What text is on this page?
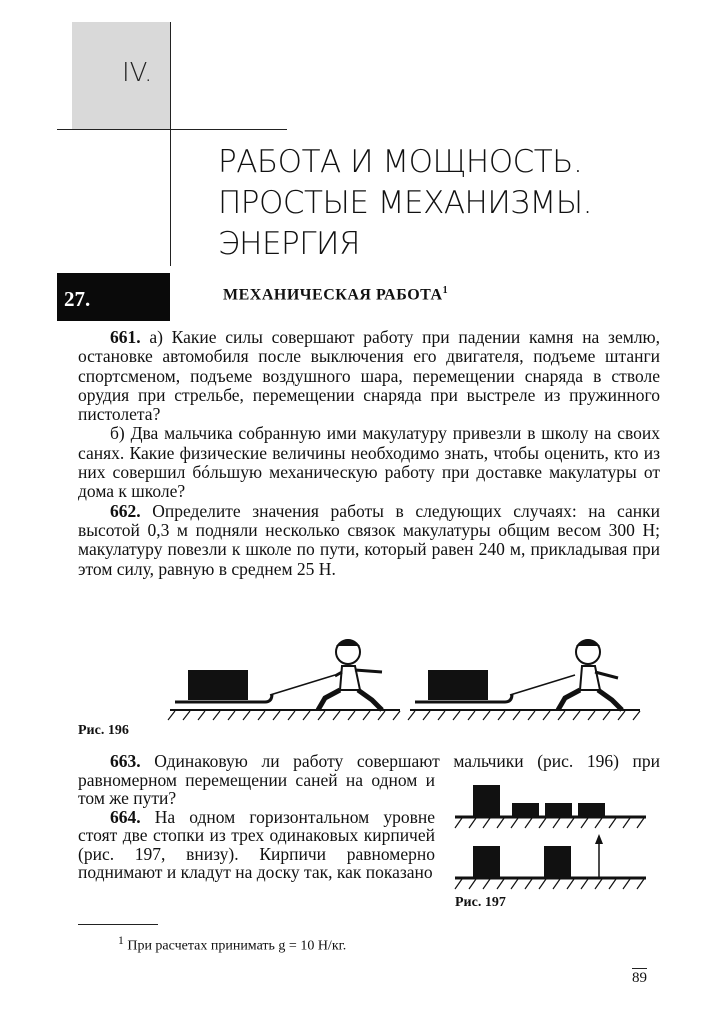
IV.
РАБОТА И МОЩНОСТЬ.
ПРОСТЫЕ МЕХАНИЗМЫ.
ЭНЕРГИЯ
27.	МЕХАНИЧЕСКАЯ РАБОТА$^1$

661. а) Какие силы совершают работу при падении камня на землю, остановке автомобиля после выключения его двигателя, подъеме штанги спортсменом, подъеме воздушного шара, перемещении снаряда в стволе орудия при стрельбе, перемещении снаряда при выстреле из пружинного пистолета?

б) Два мальчика собранную ими макулатуру привезли в школу на своих санях. Какие физические величины необходимо знать, чтобы оценить, кто из них совершил бóльшую механическую работу при доставке макулатуры от дома к школе?

662. Определите значения работы в следующих случаях: на санки высотой 0,3 м подняли несколько связок макулатуры общим весом 300 Н; макулатуру повезли к школе по пути, который равен 240 м, прикладывая при этом силу, равную в среднем 25 Н.

Рис. 196

663. Одинаковую ли работу совершают мальчики (рис. 196) при равномерном перемещении саней на одном и том же пути?

664. На одном горизонтальном уровне стоят две стопки из трех одинаковых кирпичей (рис. 197, внизу). Кирпичи равномерно поднимают и кладут на доску так, как показано

Рис. 197
$^1$ При расчетах принимать g = 10 Н/кг.
89
